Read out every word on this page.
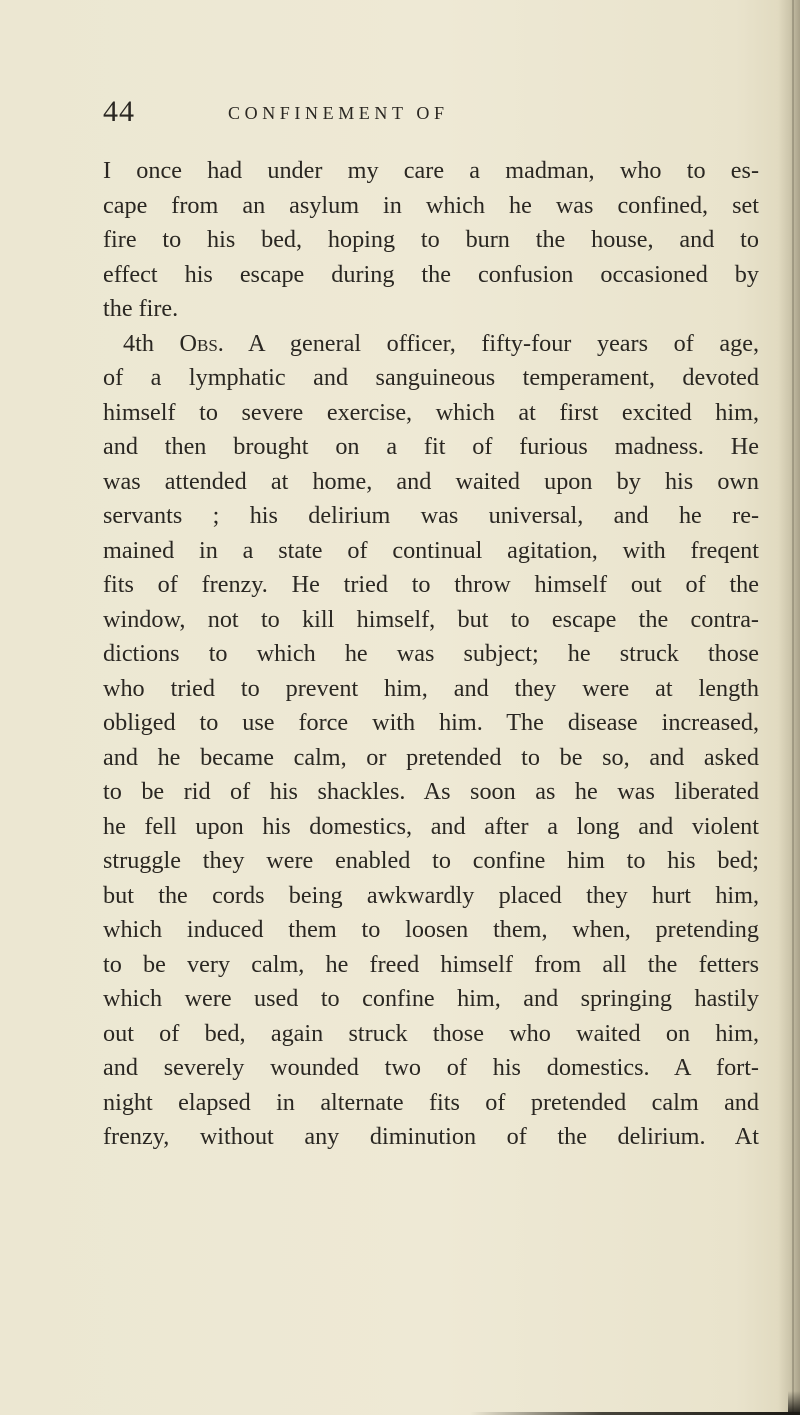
44	CONFINEMENT OF
I once had under my care a madman, who to es-
cape from an asylum in which he was confined, set
fire to his bed, hoping to burn the house, and to
effect his escape during the confusion occasioned by
the fire.
4th Obs. A general officer, fifty-four years of age,
of a lymphatic and sanguineous temperament, devoted
himself to severe exercise, which at first excited him,
and then brought on a fit of furious madness. He
was attended at home, and waited upon by his own
servants ; his delirium was universal, and he re-
mained in a state of continual agitation, with freqent
fits of frenzy. He tried to throw himself out of the
window, not to kill himself, but to escape the contra-
dictions to which he was subject; he struck those
who tried to prevent him, and they were at length
obliged to use force with him. The disease increased,
and he became calm, or pretended to be so, and asked
to be rid of his shackles. As soon as he was liberated
he fell upon his domestics, and after a long and violent
struggle they were enabled to confine him to his bed;
but the cords being awkwardly placed they hurt him,
which induced them to loosen them, when, pretending
to be very calm, he freed himself from all the fetters
which were used to confine him, and springing hastily
out of bed, again struck those who waited on him,
and severely wounded two of his domestics. A fort-
night elapsed in alternate fits of pretended calm and
frenzy, without any diminution of the delirium. At
